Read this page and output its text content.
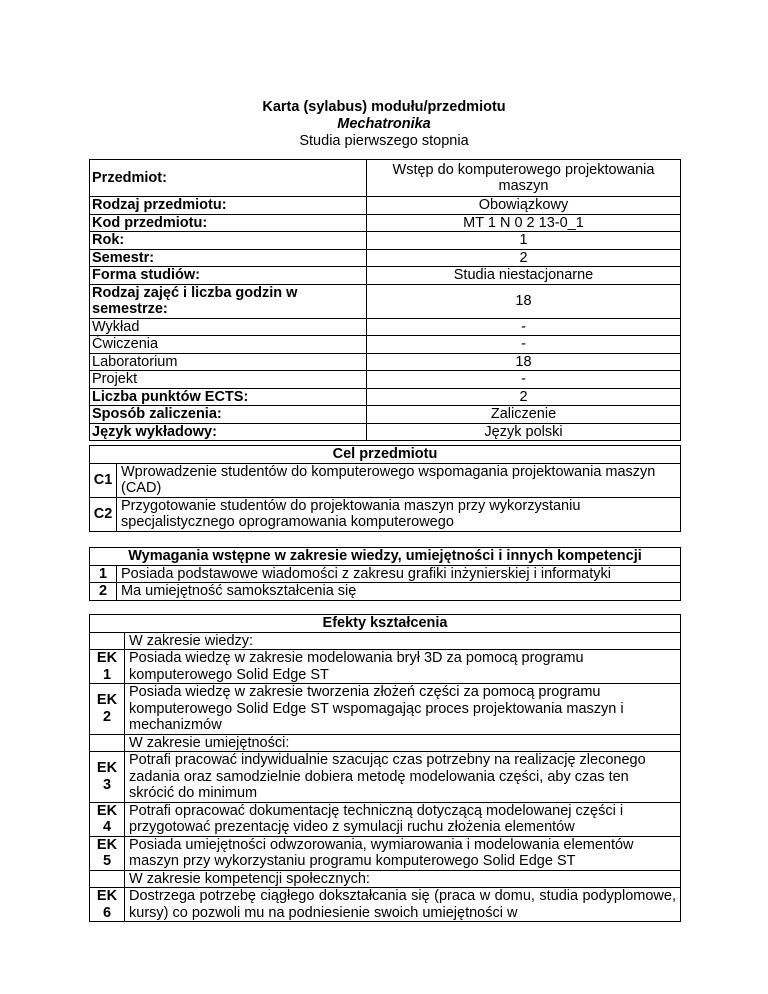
Karta (sylabus) modułu/przedmiotu
Mechatronika
Studia pierwszego stopnia
Przedmiot:	Wstęp do komputerowego projektowania maszyn
Rodzaj przedmiotu:	Obowiązkowy
Kod przedmiotu:	MT 1 N 0 2 13-0_1
Rok:	1
Semestr:	2
Forma studiów:	Studia niestacjonarne
Rodzaj zajęć i liczba godzin w semestrze:	18
Wykład	-
Ćwiczenia	-
Laboratorium	18
Projekt	-
Liczba punktów ECTS:	2
Sposób zaliczenia:	Zaliczenie
Język wykładowy:	Język polski
Cel przedmiotu	
C1	Wprowadzenie studentów do komputerowego wspomagania projektowania maszyn (CAD)
C2	Przygotowanie studentów do projektowania maszyn przy wykorzystaniu specjalistycznego oprogramowania komputerowego
Wymagania wstępne w zakresie wiedzy, umiejętności i innych kompetencji	
1	Posiada podstawowe wiadomości z zakresu grafiki inżynierskiej i informatyki
2	Ma umiejętność samokształcenia się
Efekty kształcenia	
	W zakresie wiedzy:
EK 1	Posiada wiedzę w zakresie modelowania brył 3D za pomocą programu komputerowego Solid Edge ST
EK 2	Posiada wiedzę w zakresie tworzenia złożeń części za pomocą programu komputerowego Solid Edge ST wspomagając proces projektowania maszyn i mechanizmów
	W zakresie umiejętności:
EK 3	Potrafi pracować indywidualnie szacując czas potrzebny na realizację zleconego zadania oraz samodzielnie dobiera metodę modelowania części, aby czas ten skrócić do minimum
EK 4	Potrafi opracować dokumentację techniczną dotyczącą modelowanej części i przygotować prezentację video z symulacji ruchu złożenia elementów
EK 5	Posiada umiejętności odwzorowania, wymiarowania i modelowania elementów maszyn przy wykorzystaniu programu komputerowego Solid Edge ST
	W zakresie kompetencji społecznych:
EK 6	Dostrzega potrzebę ciągłego dokształcania się (praca w domu, studia podyplomowe, kursy) co pozwoli mu na podniesienie swoich umiejętności w
